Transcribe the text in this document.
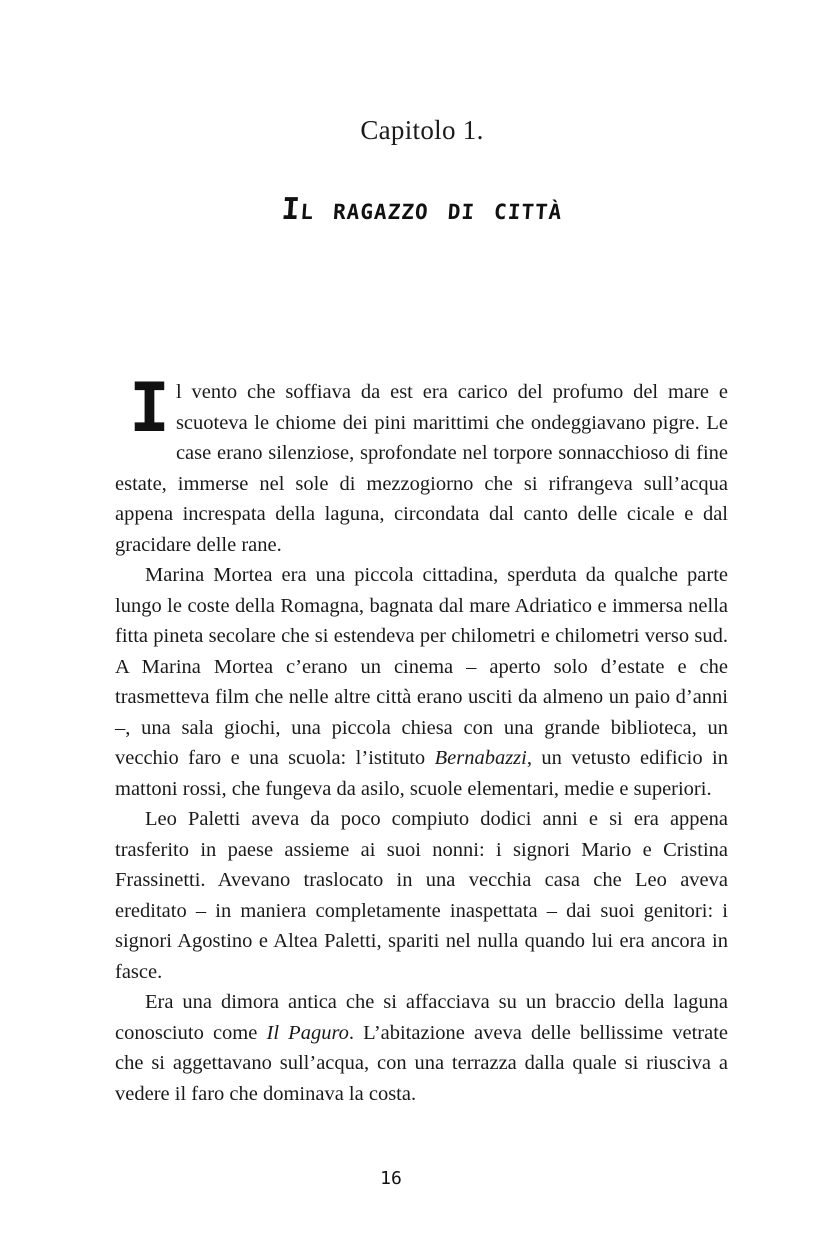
Capitolo 1.
Il ragazzo di città

Il vento che soffiava da est era carico del profumo del mare e scuoteva le chiome dei pini marittimi che ondeggiavano pigre. Le case erano silenziose, sprofondate nel torpore sonnacchioso di fine estate, immerse nel sole di mezzogiorno che si rifrangeva sull’acqua appena increspata della laguna, circondata dal canto delle cicale e dal gracidare delle rane.

Marina Mortea era una piccola cittadina, sperduta da qualche parte lungo le coste della Romagna, bagnata dal mare Adriatico e immersa nella fitta pineta secolare che si estendeva per chilometri e chilometri verso sud. A Marina Mortea c’erano un cinema – aperto solo d’estate e che trasmetteva film che nelle altre città erano usciti da almeno un paio d’anni –, una sala giochi, una piccola chiesa con una grande biblioteca, un vecchio faro e una scuola: l’istituto Bernabazzi, un vetusto edificio in mattoni rossi, che fungeva da asilo, scuole elementari, medie e superiori.

Leo Paletti aveva da poco compiuto dodici anni e si era appena trasferito in paese assieme ai suoi nonni: i signori Mario e Cristina Frassinetti. Avevano traslocato in una vecchia casa che Leo aveva ereditato – in maniera completamente inaspettata – dai suoi genitori: i signori Agostino e Altea Paletti, spariti nel nulla quando lui era ancora in fasce.

Era una dimora antica che si affacciava su un braccio della laguna conosciuto come Il Paguro. L’abitazione aveva delle bellissime vetrate che si aggettavano sull’acqua, con una terrazza dalla quale si riusciva a vedere il faro che dominava la costa.

16
